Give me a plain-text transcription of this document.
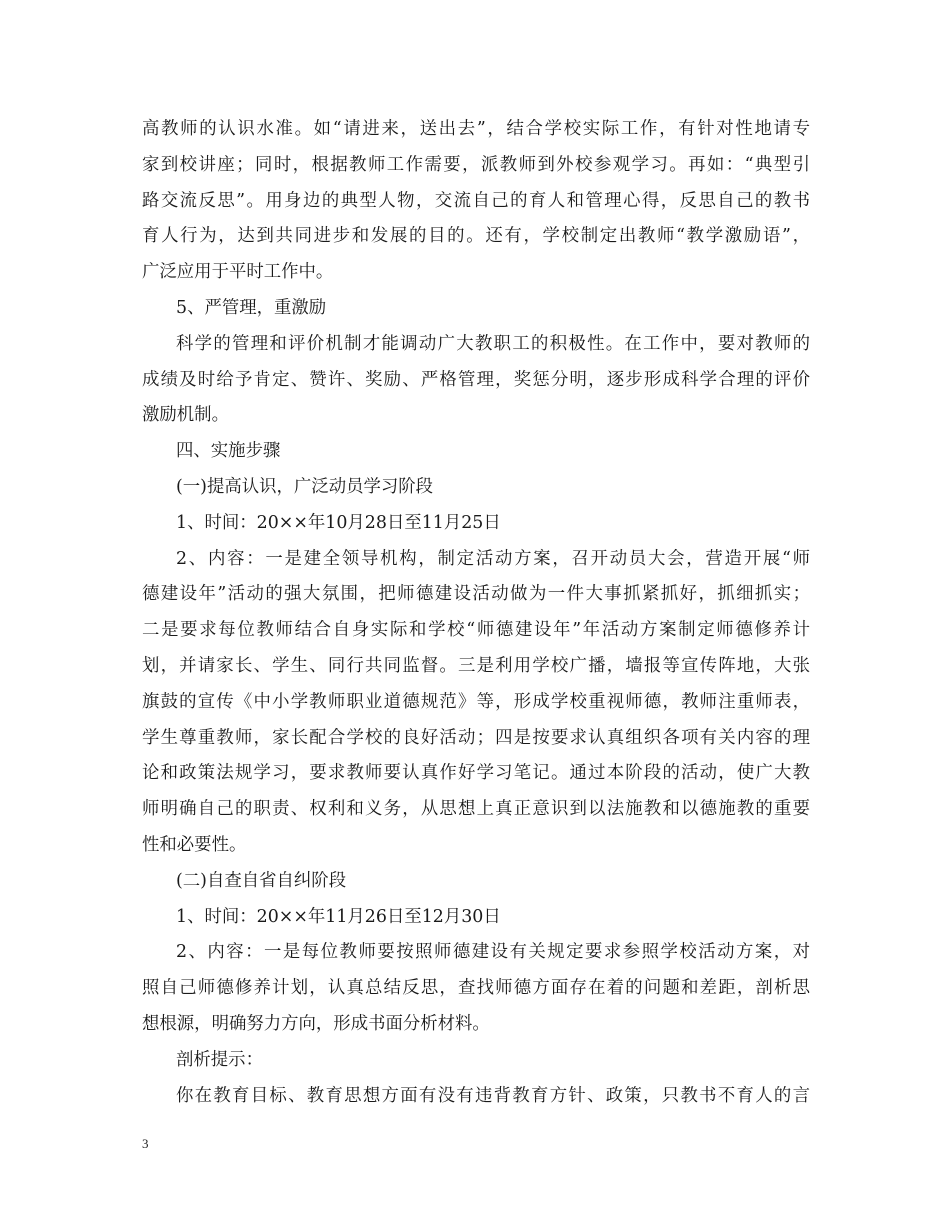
高教师的认识水准。如“请进来，送出去”，结合学校实际工作，有针对性地请专
家到校讲座；同时，根据教师工作需要，派教师到外校参观学习。再如：“典型引
路交流反思”。用身边的典型人物，交流自己的育人和管理心得，反思自己的教书
育人行为，达到共同进步和发展的目的。还有，学校制定出教师“教学激励语”，
广泛应用于平时工作中。
5、严管理，重激励
科学的管理和评价机制才能调动广大教职工的积极性。在工作中，要对教师的
成绩及时给予肯定、赞许、奖励、严格管理，奖惩分明，逐步形成科学合理的评价
激励机制。
四、实施步骤
(一)提高认识，广泛动员学习阶段
1、时间：20××年10月28日至11月25日
2、内容：一是建全领导机构，制定活动方案，召开动员大会，营造开展“师
德建设年”活动的强大氛围，把师德建设活动做为一件大事抓紧抓好，抓细抓实；
二是要求每位教师结合自身实际和学校“师德建设年”年活动方案制定师德修养计
划，并请家长、学生、同行共同监督。三是利用学校广播，墙报等宣传阵地，大张
旗鼓的宣传《中小学教师职业道德规范》等，形成学校重视师德，教师注重师表，
学生尊重教师，家长配合学校的良好活动；四是按要求认真组织各项有关内容的理
论和政策法规学习，要求教师要认真作好学习笔记。通过本阶段的活动，使广大教
师明确自己的职责、权利和义务，从思想上真正意识到以法施教和以德施教的重要
性和必要性。
(二)自查自省自纠阶段
1、时间：20××年11月26日至12月30日
2、内容：一是每位教师要按照师德建设有关规定要求参照学校活动方案，对
照自己师德修养计划，认真总结反思，查找师德方面存在着的问题和差距，剖析思
想根源，明确努力方向，形成书面分析材料。
剖析提示：
你在教育目标、教育思想方面有没有违背教育方针、政策，只教书不育人的言
3
